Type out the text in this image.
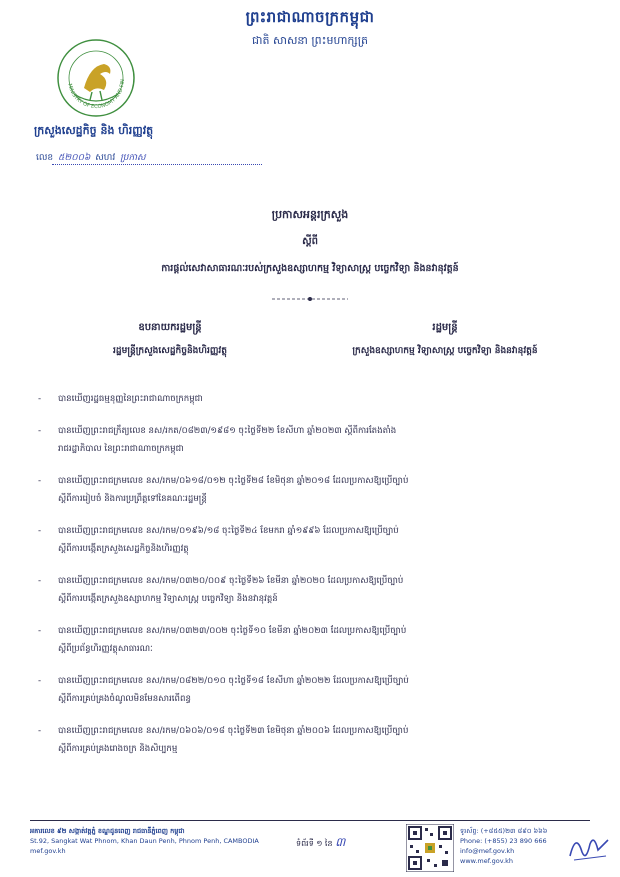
ព្រះរាជាណាចក្រកម្ពុជា
ជាតិ សាសនា ព្រះមហាក្សត្រ
MINISTRY OF ECONOMY AND FIN
ក្រសួងសេដ្ឋកិច្ច និង ហិរញ្ញវត្ថុ
លេខ ៥២០០៦ សហវ ប្រកាស
ប្រកាសអន្តរក្រសួង
ស្ដីពី
ការផ្ដល់សេវាសាធារណៈរបស់ក្រសួងឧស្សាហកម្ម វិទ្យាសាស្ត្រ បច្ចេកវិទ្យា និងនវានុវត្តន៍
ឧបនាយករដ្ឋមន្ត្រី
រដ្ឋមន្ត្រីក្រសួងសេដ្ឋកិច្ចនិងហិរញ្ញវត្ថុ
រដ្ឋមន្ត្រី
ក្រសួងឧស្សាហកម្ម វិទ្យាសាស្ត្រ បច្ចេកវិទ្យា និងនវានុវត្តន៍
- បានឃើញរដ្ឋធម្មនុញ្ញនៃព្រះរាជាណាចក្រកម្ពុជា
- បានឃើញព្រះរាជក្រឹត្យលេខ នស/រកត/០៨២៣/១៩៨១ ចុះថ្ងៃទី២២ ខែសីហា ឆ្នាំ២០២៣ ស្តីពីការតែងតាំង
រាជរដ្ឋាភិបាល នៃព្រះរាជាណាចក្រកម្ពុជា
- បានឃើញព្រះរាជក្រមលេខ នស/រកម/០៦១៨/០១២ ចុះថ្ងៃទី២៨ ខែមិថុនា ឆ្នាំ២០១៨ ដែលប្រកាសឱ្យប្រើច្បាប់
ស្តីពីការរៀបចំ និងការប្រព្រឹត្តទៅនៃគណៈរដ្ឋមន្ត្រី
- បានឃើញព្រះរាជក្រមលេខ នស/រកម/០១៩៦/១៨ ចុះថ្ងៃទី២៤ ខែមករា ឆ្នាំ១៩៩៦ ដែលប្រកាសឱ្យប្រើច្បាប់
ស្តីពីការបង្កើតក្រសួងសេដ្ឋកិច្ចនិងហិរញ្ញវត្ថុ
- បានឃើញព្រះរាជក្រមលេខ នស/រកម/០៣២០/០០៩ ចុះថ្ងៃទី២៦ ខែមីនា ឆ្នាំ២០២០ ដែលប្រកាសឱ្យប្រើច្បាប់
ស្តីពីការបង្កើតក្រសួងឧស្សាហកម្ម វិទ្យាសាស្ត្រ បច្ចេកវិទ្យា និងនវានុវត្តន៍
- បានឃើញព្រះរាជក្រមលេខ នស/រកម/០៣២៣/០០២ ចុះថ្ងៃទី១០ ខែមីនា ឆ្នាំ២០២៣ ដែលប្រកាសឱ្យប្រើច្បាប់
ស្តីពីប្រព័ន្ធហិរញ្ញវត្ថុសាធារណៈ
- បានឃើញព្រះរាជក្រមលេខ នស/រកម/០៨២២/០១០ ចុះថ្ងៃទី១៨ ខែសីហា ឆ្នាំ២០២២ ដែលប្រកាសឱ្យប្រើច្បាប់
ស្តីពីការគ្រប់គ្រងចំណូលមិនមែនសារពើពន្ធ
- បានឃើញព្រះរាជក្រមលេខ នស/រកម/០៦០៦/០១៨ ចុះថ្ងៃទី២៣ ខែមិថុនា ឆ្នាំ២០០៦ ដែលប្រកាសឱ្យប្រើច្បាប់
ស្តីពីការគ្រប់គ្រងរោងចក្រ និងសិប្បកម្ម
អគារលេខ ៩២ សង្កាត់វត្តភ្នំ ខណ្ឌដូនពេញ រាជធានីភ្នំពេញ កម្ពុជា
St.92, Sangkat Wat Phnom, Khan Daun Penh, Phnom Penh, CAMBODIA
mef.gov.kh
ទំព័រទី ១ នៃ ៣
ទូរស័ព្ទ: (+៨៥៥)២៣ ៨៩០ ៦៦៦
Phone: (+855) 23 890 666
info@mef.gov.kh
www.mef.gov.kh
